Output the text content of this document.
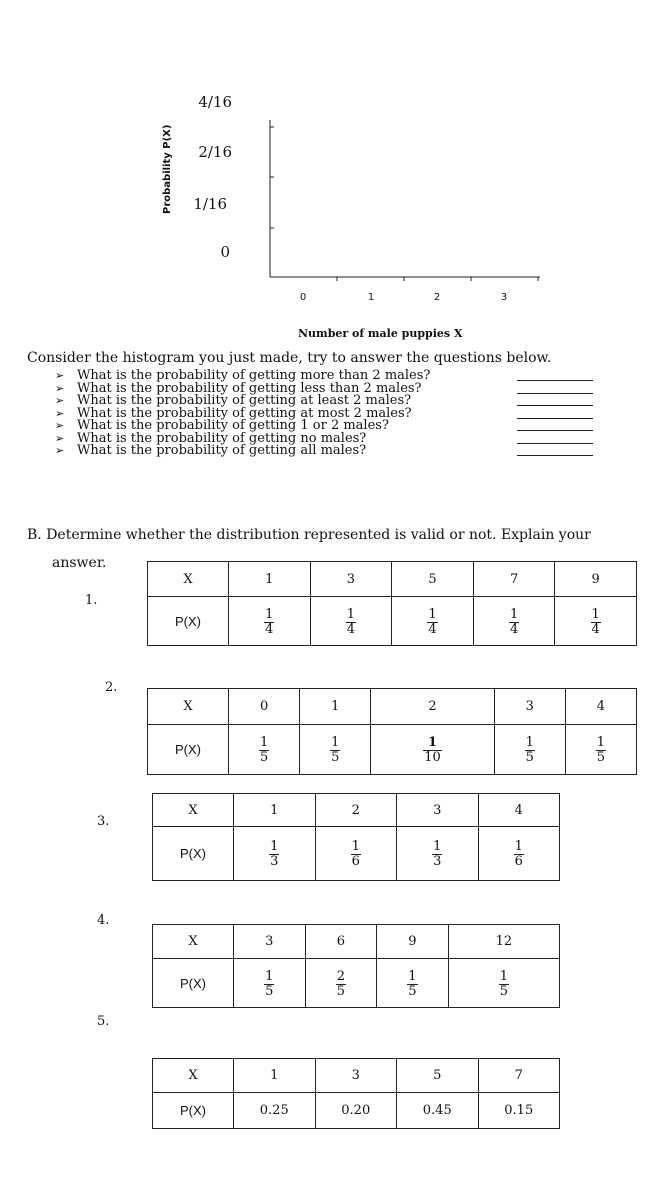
4/16
2/16
1/16
0
Probability P(X)
0	1	2	3
Number of male puppies X
Consider the histogram you just made, try to answer the questions below.
➢ What is the probability of getting more than 2 males?
➢ What is the probability of getting less than 2 males?
➢ What is the probability of getting at least 2 males?
➢ What is the probability of getting at most 2 males?
➢ What is the probability of getting 1 or 2 males?
➢ What is the probability of getting no males?
➢ What is the probability of getting all males?
B. Determine whether the distribution represented is valid or not. Explain your
answer.
1.
2.
3.
4.
5.
X	1	3	5	7	9
P(X)	$\frac{1}{4}$	$\frac{1}{4}$	$\frac{1}{4}$	$\frac{1}{4}$	$\frac{1}{4}$
X	0	1	2	3	4
P(X)	$\frac{1}{5}$	$\frac{1}{5}$	$\frac{1}{10}$	$\frac{1}{5}$	$\frac{1}{5}$
X	1	2	3	4
P(X)	$\frac{1}{3}$	$\frac{1}{6}$	$\frac{1}{3}$	$\frac{1}{6}$
X	3	6	9	12
P(X)	$\frac{1}{5}$	$\frac{2}{5}$	$\frac{1}{5}$	$\frac{1}{5}$
X	1	3	5	7
P(X)	0.25	0.20	0.45	0.15
